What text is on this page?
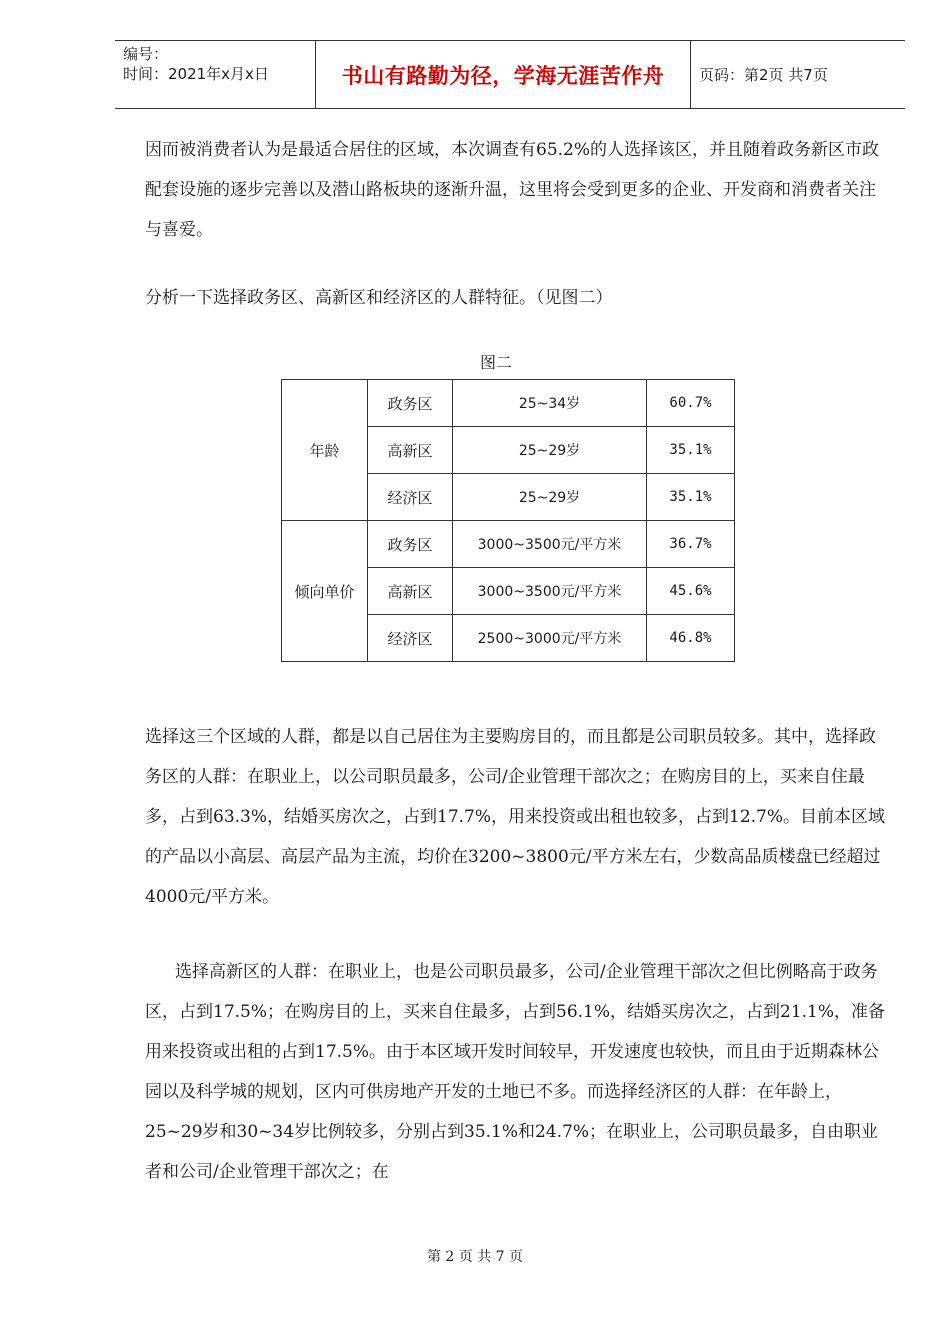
编号：
时间：2021年x月x日	书山有路勤为径，学海无涯苦作舟	页码：第2页 共7页

因而被消费者认为是最适合居住的区域，本次调查有65.2%的人选择该区，并且随着政务新区市政配套设施的逐步完善以及潜山路板块的逐渐升温，这里将会受到更多的企业、开发商和消费者关注与喜爱。

分析一下选择政务区、高新区和经济区的人群特征。（见图二）

图二
年龄	政务区	25~34岁	60.7%
	高新区	25~29岁	35.1%
	经济区	25~29岁	35.1%
倾向单价	政务区	3000~3500元/平方米	36.7%
	高新区	3000~3500元/平方米	45.6%
	经济区	2500~3000元/平方米	46.8%

选择这三个区域的人群，都是以自己居住为主要购房目的，而且都是公司职员较多。其中，选择政务区的人群：在职业上，以公司职员最多，公司/企业管理干部次之；在购房目的上，买来自住最多，占到63.3%，结婚买房次之，占到17.7%，用来投资或出租也较多，占到12.7%。目前本区域的产品以小高层、高层产品为主流，均价在3200~3800元/平方米左右，少数高品质楼盘已经超过4000元/平方米。

选择高新区的人群：在职业上，也是公司职员最多，公司/企业管理干部次之但比例略高于政务区，占到17.5%；在购房目的上，买来自住最多，占到56.1%，结婚买房次之，占到21.1%，准备用来投资或出租的占到17.5%。由于本区域开发时间较早，开发速度也较快，而且由于近期森林公园以及科学城的规划，区内可供房地产开发的土地已不多。而选择经济区的人群：在年龄上，25~29岁和30~34岁比例较多，分别占到35.1%和24.7%；在职业上，公司职员最多，自由职业者和公司/企业管理干部次之；在

第 2 页 共 7 页
